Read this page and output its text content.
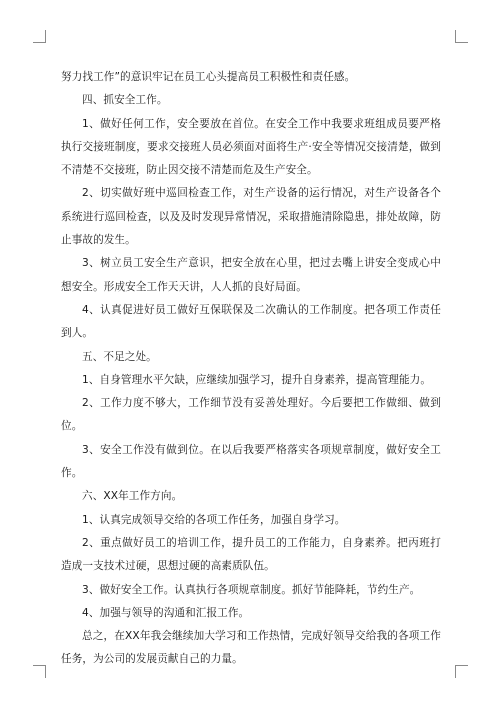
努力找工作”的意识牢记在员工心头提高员工积极性和责任感。

四、抓安全工作。

1、做好任何工作，安全要放在首位。在安全工作中我要求班组成员要严格执行交接班制度，要求交接班人员必须面对面将生产·安全等情况交接清楚，做到不清楚不交接班，防止因交接不清楚而危及生产安全。

2、切实做好班中巡回检查工作，对生产设备的运行情况，对生产设备各个系统进行巡回检查，以及及时发现异常情况，采取措施清除隐患，排处故障，防止事故的发生。

3、树立员工安全生产意识，把安全放在心里，把过去嘴上讲安全变成心中想安全。形成安全工作天天讲，人人抓的良好局面。

4、认真促进好员工做好互保联保及二次确认的工作制度。把各项工作责任到人。

五、不足之处。

1、自身管理水平欠缺，应继续加强学习，提升自身素养，提高管理能力。

2、工作力度不够大，工作细节没有妥善处理好。今后要把工作做细、做到位。

3、安全工作没有做到位。在以后我要严格落实各项规章制度，做好安全工作。

六、XX年工作方向。

1、认真完成领导交给的各项工作任务，加强自身学习。

2、重点做好员工的培训工作，提升员工的工作能力，自身素养。把丙班打造成一支技术过硬，思想过硬的高素质队伍。

3、做好安全工作。认真执行各项规章制度。抓好节能降耗，节约生产。

4、加强与领导的沟通和汇报工作。

总之，在XX年我会继续加大学习和工作热情，完成好领导交给我的各项工作任务，为公司的发展贡献自己的力量。
